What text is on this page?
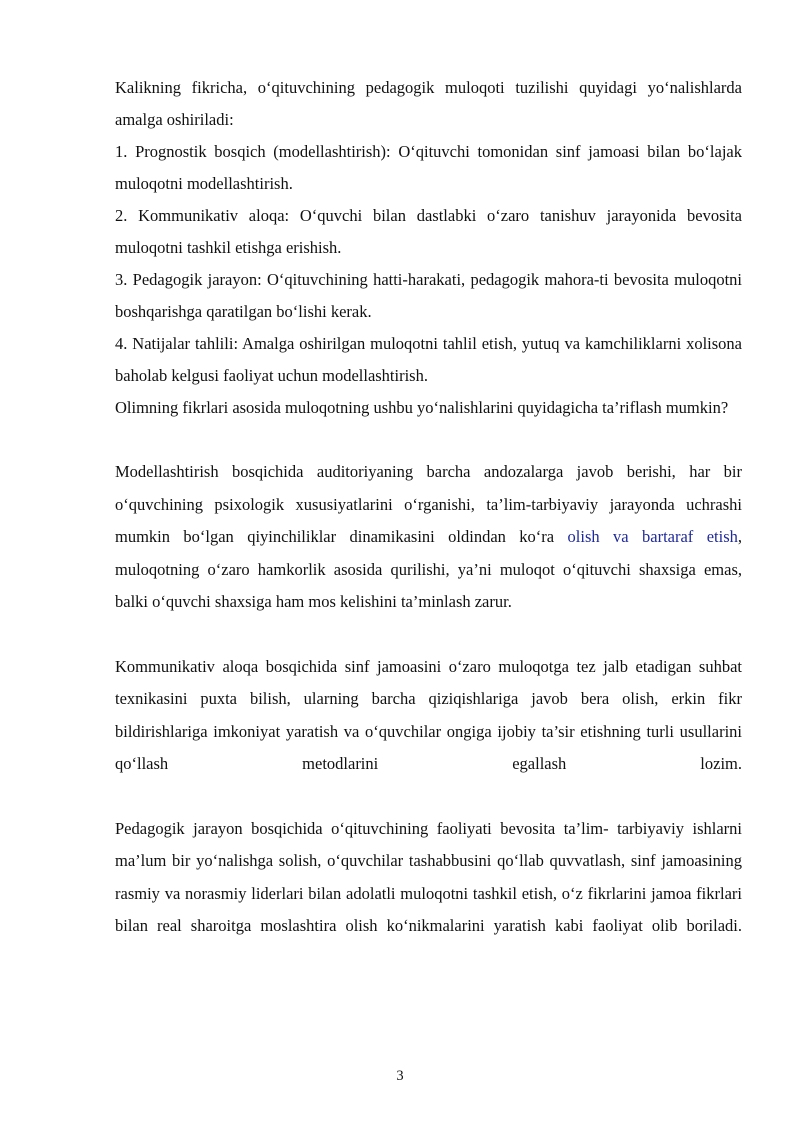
Kalikning fikricha, o‘qituvchining pedagogik muloqoti tuzilishi quyidagi yo‘nalishlarda amalga oshiriladi:

1. Prognostik bosqich (modellashtirish): O‘qituvchi tomonidan sinf jamoasi bilan bo‘lajak muloqotni modellashtirish.

2. Kommunikativ aloqa: O‘quvchi bilan dastlabki o‘zaro tanishuv jarayonida bevosita muloqotni tashkil etishga erishish.

3. Pedagogik jarayon: O‘qituvchining hatti-harakati, pedagogik mahora-ti bevosita muloqotni boshqarishga qaratilgan bo‘lishi kerak.

4. Natijalar tahlili: Amalga oshirilgan muloqotni tahlil etish, yutuq va kamchiliklarni xolisona baholab kelgusi faoliyat uchun modellashtirish.

Olimning fikrlari asosida muloqotning ushbu yo‘nalishlarini quyidagicha ta’riflash mumkin?

Modellashtirish bosqichida auditoriyaning barcha andozalarga javob berishi, har bir o‘quvchining psixologik xususiyatlarini o‘rganishi, ta’lim-tarbiyaviy jarayonda uchrashi mumkin bo‘lgan qiyinchiliklar dinamikasini oldindan ko‘ra olish va bartaraf etish, muloqotning o‘zaro hamkorlik asosida qurilishi, ya’ni muloqot o‘qituvchi shaxsiga emas, balki o‘quvchi shaxsiga ham mos kelishini ta’minlash zarur.

Kommunikativ aloqa bosqichida sinf jamoasini o‘zaro muloqotga tez jalb etadigan suhbat texnikasini puxta bilish, ularning barcha qiziqishlariga javob bera olish, erkin fikr bildirishlariga imkoniyat yaratish va o‘quvchilar ongiga ijobiy ta’sir etishning turli usullarini qo‘llash metodlarini egallash lozim.

Pedagogik jarayon bosqichida o‘qituvchining faoliyati bevosita ta’lim- tarbiyaviy ishlarni ma’lum bir yo‘nalishga solish, o‘quvchilar tashabbusini qo‘llab quvvatlash, sinf jamoasining rasmiy va norasmiy liderlari bilan adolatli muloqotni tashkil etish, o‘z fikrlarini jamoa fikrlari bilan real sharoitga moslashtira olish ko‘nikmalarini yaratish kabi faoliyat olib boriladi.

3
